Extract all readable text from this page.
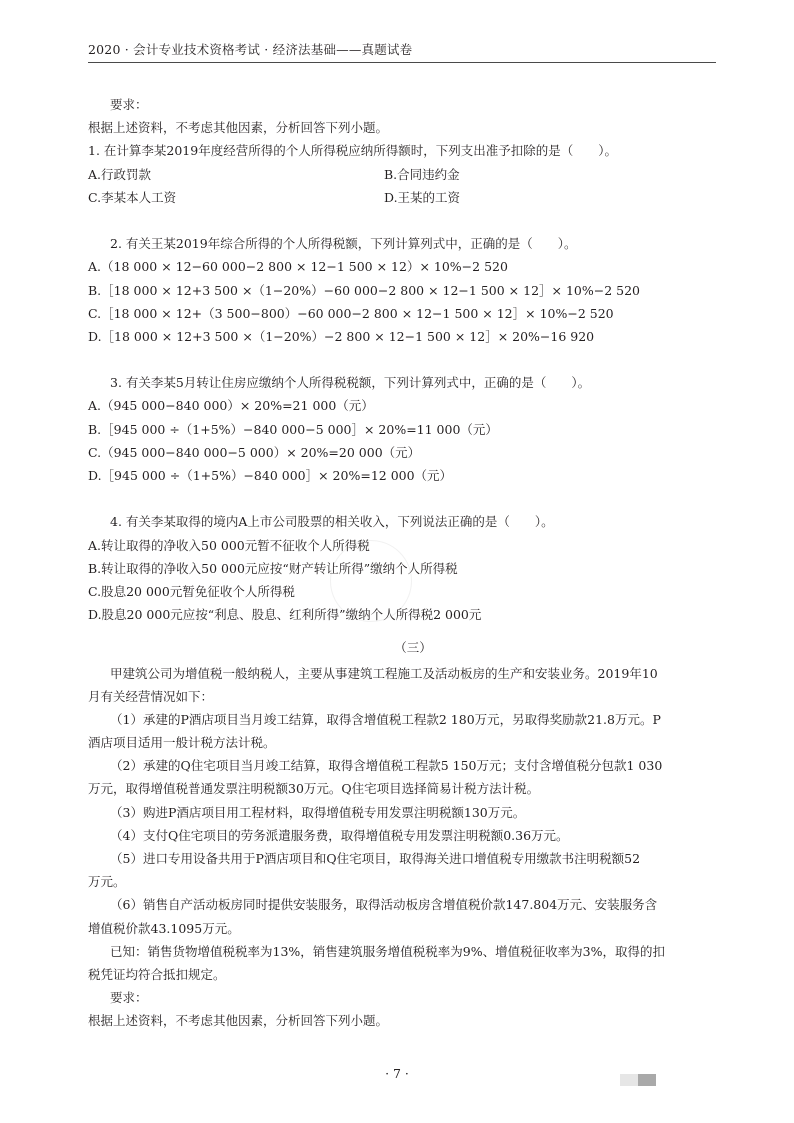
2020 · 会计专业技术资格考试 · 经济法基础——真题试卷
要求：
根据上述资料，不考虑其他因素，分析回答下列小题。
1. 在计算李某2019年度经营所得的个人所得税应纳所得额时，下列支出准予扣除的是（　　）。
A.行政罚款	B.合同违约金
C.李某本人工资	D.王某的工资
2. 有关王某2019年综合所得的个人所得税额，下列计算列式中，正确的是（　　）。
A.（18 000 × 12−60 000−2 800 × 12−1 500 × 12）× 10%−2 520
B.［18 000 × 12+3 500 ×（1−20%）−60 000−2 800 × 12−1 500 × 12］× 10%−2 520
C.［18 000 × 12+（3 500−800）−60 000−2 800 × 12−1 500 × 12］× 10%−2 520
D.［18 000 × 12+3 500 ×（1−20%）−2 800 × 12−1 500 × 12］× 20%−16 920
3. 有关李某5月转让住房应缴纳个人所得税税额，下列计算列式中，正确的是（　　）。
A.（945 000−840 000）× 20%=21 000（元）
B.［945 000 ÷（1+5%）−840 000−5 000］× 20%=11 000（元）
C.（945 000−840 000−5 000）× 20%=20 000（元）
D.［945 000 ÷（1+5%）−840 000］× 20%=12 000（元）
4. 有关李某取得的境内A上市公司股票的相关收入，下列说法正确的是（　　）。
A.转让取得的净收入50 000元暂不征收个人所得税
B.转让取得的净收入50 000元应按“财产转让所得”缴纳个人所得税
C.股息20 000元暂免征收个人所得税
D.股息20 000元应按“利息、股息、红利所得”缴纳个人所得税2 000元
（三）
甲建筑公司为增值税一般纳税人，主要从事建筑工程施工及活动板房的生产和安装业务。2019年10
月有关经营情况如下：
（1）承建的P酒店项目当月竣工结算，取得含增值税工程款2 180万元，另取得奖励款21.8万元。P
酒店项目适用一般计税方法计税。
（2）承建的Q住宅项目当月竣工结算，取得含增值税工程款5 150万元；支付含增值税分包款1 030
万元，取得增值税普通发票注明税额30万元。Q住宅项目选择简易计税方法计税。
（3）购进P酒店项目用工程材料，取得增值税专用发票注明税额130万元。
（4）支付Q住宅项目的劳务派遣服务费，取得增值税专用发票注明税额0.36万元。
（5）进口专用设备共用于P酒店项目和Q住宅项目，取得海关进口增值税专用缴款书注明税额52
万元。
（6）销售自产活动板房同时提供安装服务，取得活动板房含增值税价款147.804万元、安装服务含
增值税价款43.1095万元。
已知：销售货物增值税税率为13%，销售建筑服务增值税税率为9%、增值税征收率为3%，取得的扣
税凭证均符合抵扣规定。
要求：
根据上述资料，不考虑其他因素，分析回答下列小题。
· 7 ·
